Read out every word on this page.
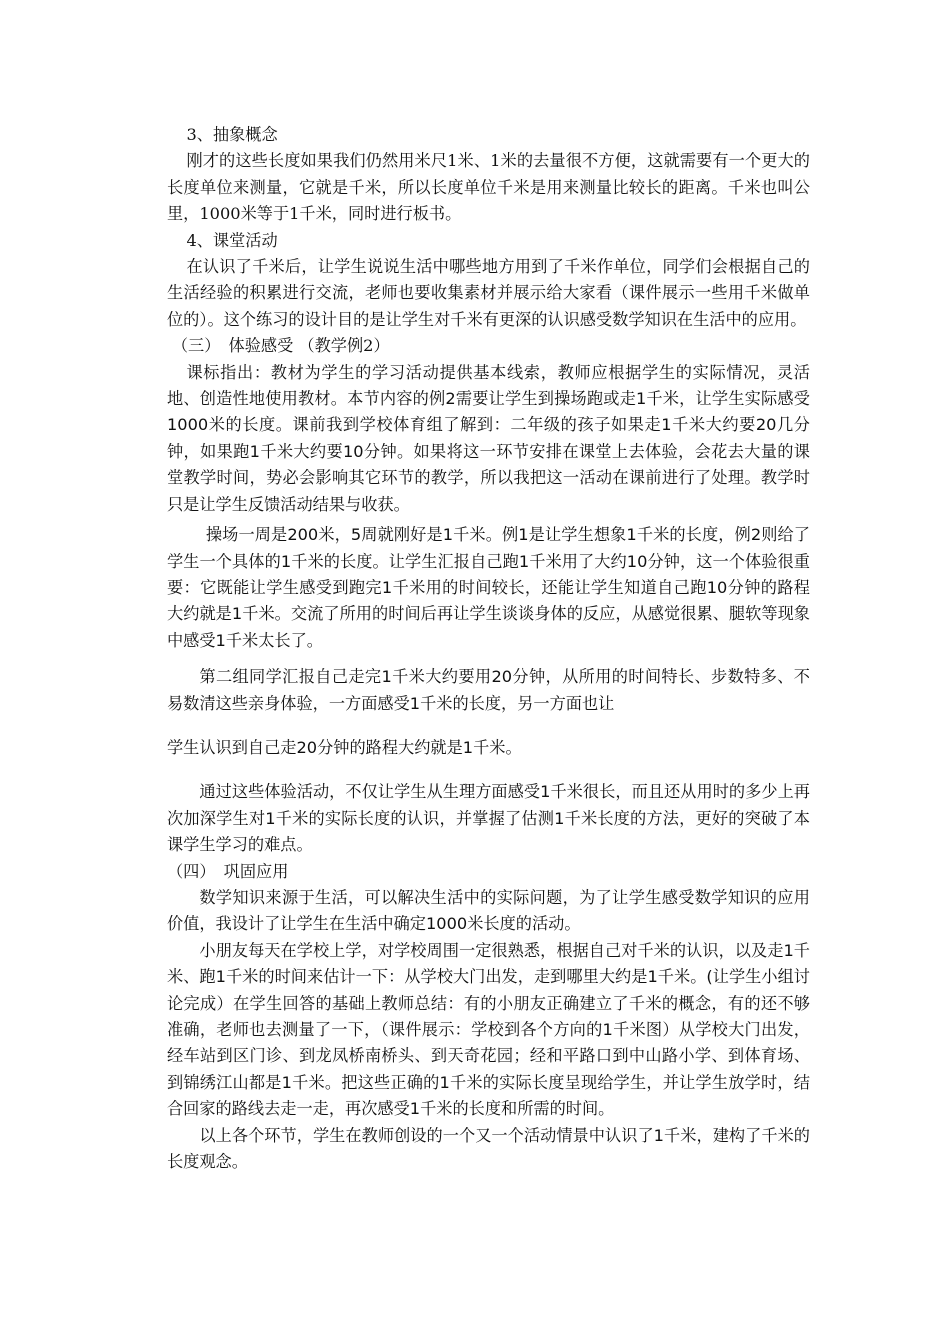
3、抽象概念

刚才的这些长度如果我们仍然用米尺1米、1米的去量很不方便，这就需要有一个更大的长度单位来测量，它就是千米，所以长度单位千米是用来测量比较长的距离。千米也叫公里，1000米等于1千米，同时进行板书。

4、课堂活动

在认识了千米后，让学生说说生活中哪些地方用到了千米作单位，同学们会根据自己的生活经验的积累进行交流，老师也要收集素材并展示给大家看（课件展示一些用千米做单位的）。这个练习的设计目的是让学生对千米有更深的认识感受数学知识在生活中的应用。

（三）　体验感受 （教学例2）

课标指出：教材为学生的学习活动提供基本线索，教师应根据学生的实际情况，灵活地、创造性地使用教材。本节内容的例2需要让学生到操场跑或走1千米，让学生实际感受1000米的长度。课前我到学校体育组了解到：二年级的孩子如果走1千米大约要20几分钟，如果跑1千米大约要10分钟。如果将这一环节安排在课堂上去体验，会花去大量的课堂教学时间，势必会影响其它环节的教学，所以我把这一活动在课前进行了处理。教学时只是让学生反馈活动结果与收获。

操场一周是200米，5周就刚好是1千米。例1是让学生想象1千米的长度，例2则给了学生一个具体的1千米的长度。让学生汇报自己跑1千米用了大约10分钟，这一个体验很重要：它既能让学生感受到跑完1千米用的时间较长，还能让学生知道自己跑10分钟的路程大约就是1千米。交流了所用的时间后再让学生谈谈身体的反应，从感觉很累、腿软等现象中感受1千米太长了。

第二组同学汇报自己走完1千米大约要用20分钟，从所用的时间特长、步数特多、不易数清这些亲身体验，一方面感受1千米的长度，另一方面也让

学生认识到自己走20分钟的路程大约就是1千米。

通过这些体验活动，不仅让学生从生理方面感受1千米很长，而且还从用时的多少上再次加深学生对1千米的实际长度的认识，并掌握了估测1千米长度的方法，更好的突破了本课学生学习的难点。

（四）　巩固应用

数学知识来源于生活，可以解决生活中的实际问题，为了让学生感受数学知识的应用价值，我设计了让学生在生活中确定1000米长度的活动。

小朋友每天在学校上学，对学校周围一定很熟悉，根据自己对千米的认识，以及走1千米、跑1千米的时间来估计一下：从学校大门出发，走到哪里大约是1千米。(让学生小组讨论完成）在学生回答的基础上教师总结：有的小朋友正确建立了千米的概念，有的还不够准确，老师也去测量了一下，（课件展示：学校到各个方向的1千米图）从学校大门出发，经车站到区门诊、到龙凤桥南桥头、到天奇花园；经和平路口到中山路小学、到体育场、到锦绣江山都是1千米。把这些正确的1千米的实际长度呈现给学生，并让学生放学时，结合回家的路线去走一走，再次感受1千米的长度和所需的时间。

以上各个环节，学生在教师创设的一个又一个活动情景中认识了1千米，建构了千米的长度观念。
